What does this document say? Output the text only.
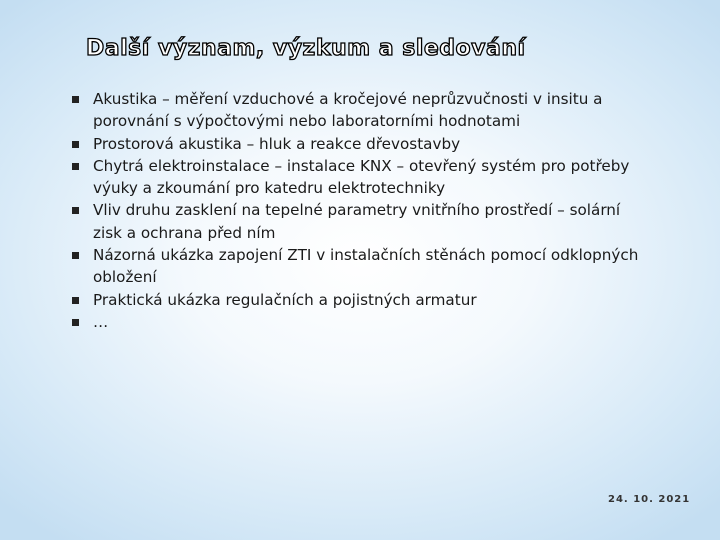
Další význam, výzkum a sledování
Akustika – měření vzduchové a kročejové neprůzvučnosti v insitu a porovnání s výpočtovými nebo laboratorními hodnotami
Prostorová akustika – hluk a reakce dřevostavby
Chytrá elektroinstalace – instalace KNX – otevřený systém pro potřeby výuky a zkoumání pro katedru elektrotechniky
Vliv druhu zasklení na tepelné parametry vnitřního prostředí – solární zisk a ochrana před ním
Názorná ukázka zapojení ZTI v instalačních stěnách pomocí odklopných obložení
Praktická ukázka regulačních a pojistných armatur
…
24. 10. 2021
